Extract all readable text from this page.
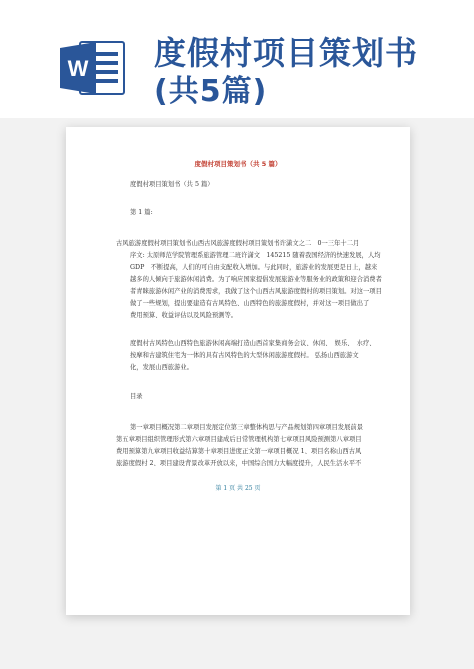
W 度假村项目策划书
(共5篇)
度假村项目策划书（共 5 篇）
度假村项目策划书（共 5 篇）
第 1 篇:
古风旅游度假村项目策划书山西古风旅游度假村项目策划书许潇文之二　0一三年十二月
序文: 太原师范学院管理系旅游管理二班许潇文　145215 随着我国经济的快速发展，人均
GDP　不断提高，人们的可自由支配收入增加。与此同时，旅游业的发展更是日上，越来
越多的人倾向于旅游休闲消费。为了响应国家提倡发展旅游业等服务业的政策和迎合消费者
者青睐旅游休闲产业的消费需求，我做了这个山西古风旅游度假村的项目策划。对这一项目
做了一些规划，提出要建造有古风特色、山西特色的旅游度假村，并对这一项目做出了
费用预算、收益评估以及风险预测等。
度假村古风特色山西特色旅游休闲高端打造山西首家集商务会议、休闲、　娱乐、　水疗、
按摩和古建筑住宅为一体的具有古风特色的大型休闲旅游度假村。 弘扬山西旅游文
化，发展山西旅游业。
目录
第一章项目概况第二章项目发展定位第三章整体构思与产品规划第四章项目发展前景
第五章项目组织管理形式第六章项目建成后日常管理机构第七章项目风险预测第八章项目
费用预算第九章项目收益结算第十章项目进度正文第一章项目概况 1、项目名称山西古风
旅游度假村 2、项目建设背景改革开放以来，中国综合国力大幅度提升，人民生活水平不
第 1 页 共 25 页
